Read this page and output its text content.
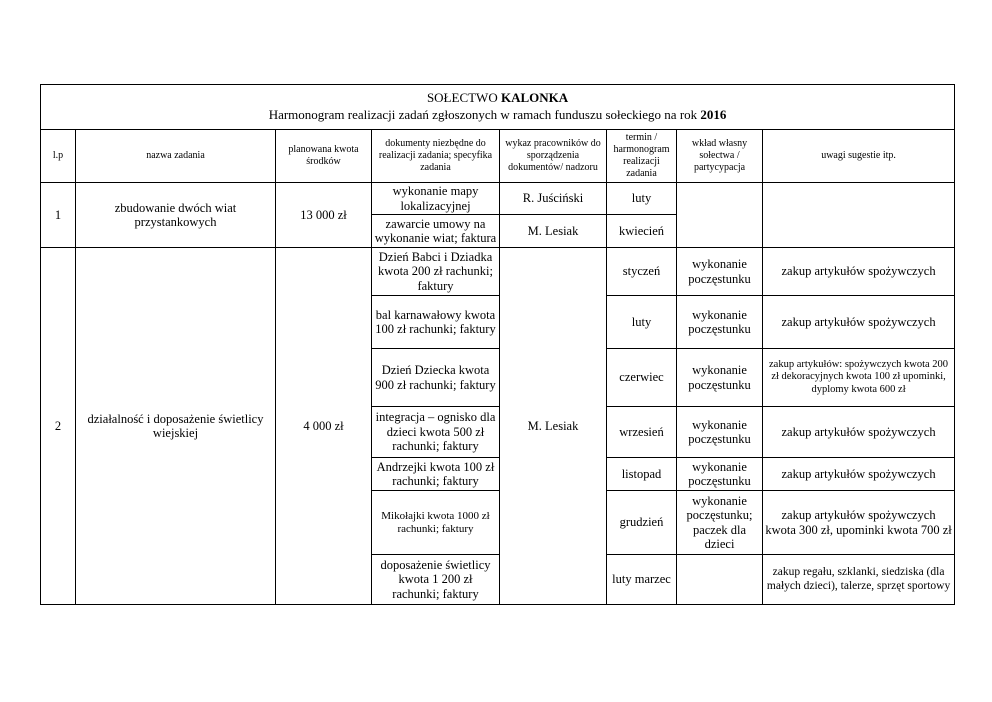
SOŁECTWO KALONKA
Harmonogram realizacji zadań zgłoszonych w ramach funduszu sołeckiego na rok 2016							
l.p	nazwa zadania	planowana kwota środków	dokumenty niezbędne do realizacji zadania; specyfika zadania	wykaz pracowników do sporządzenia dokumentów/ nadzoru	termin / harmonogram realizacji zadania	wkład własny sołectwa / partycypacja	uwagi sugestie itp.
1	zbudowanie dwóch wiat przystankowych	13 000 zł	wykonanie mapy lokalizacyjnej	R. Juściński	luty		
			zawarcie umowy na wykonanie wiat; faktura	M. Lesiak	kwiecień		
2	działalność i doposażenie świetlicy wiejskiej	4 000 zł	Dzień Babci i Dziadka kwota 200 zł rachunki; faktury	M. Lesiak	styczeń	wykonanie poczęstunku	zakup artykułów spożywczych
			bal karnawałowy kwota 100 zł rachunki; faktury		luty	wykonanie poczęstunku	zakup artykułów spożywczych
			Dzień Dziecka kwota 900 zł rachunki; faktury		czerwiec	wykonanie poczęstunku	zakup artykułów: spożywczych kwota 200 zł dekoracyjnych kwota 100 zł upominki, dyplomy kwota 600 zł
			integracja – ognisko dla dzieci kwota 500 zł rachunki; faktury		wrzesień	wykonanie poczęstunku	zakup artykułów spożywczych
			Andrzejki kwota 100 zł rachunki; faktury		listopad	wykonanie poczęstunku	zakup artykułów spożywczych
			Mikołajki kwota 1000 zł rachunki; faktury		grudzień	wykonanie poczęstunku; paczek dla dzieci	zakup artykułów spożywczych kwota 300 zł, upominki kwota 700 zł
			doposażenie świetlicy kwota 1 200 zł rachunki; faktury		luty marzec		zakup regału, szklanki, siedziska (dla małych dzieci), talerze, sprzęt sportowy
